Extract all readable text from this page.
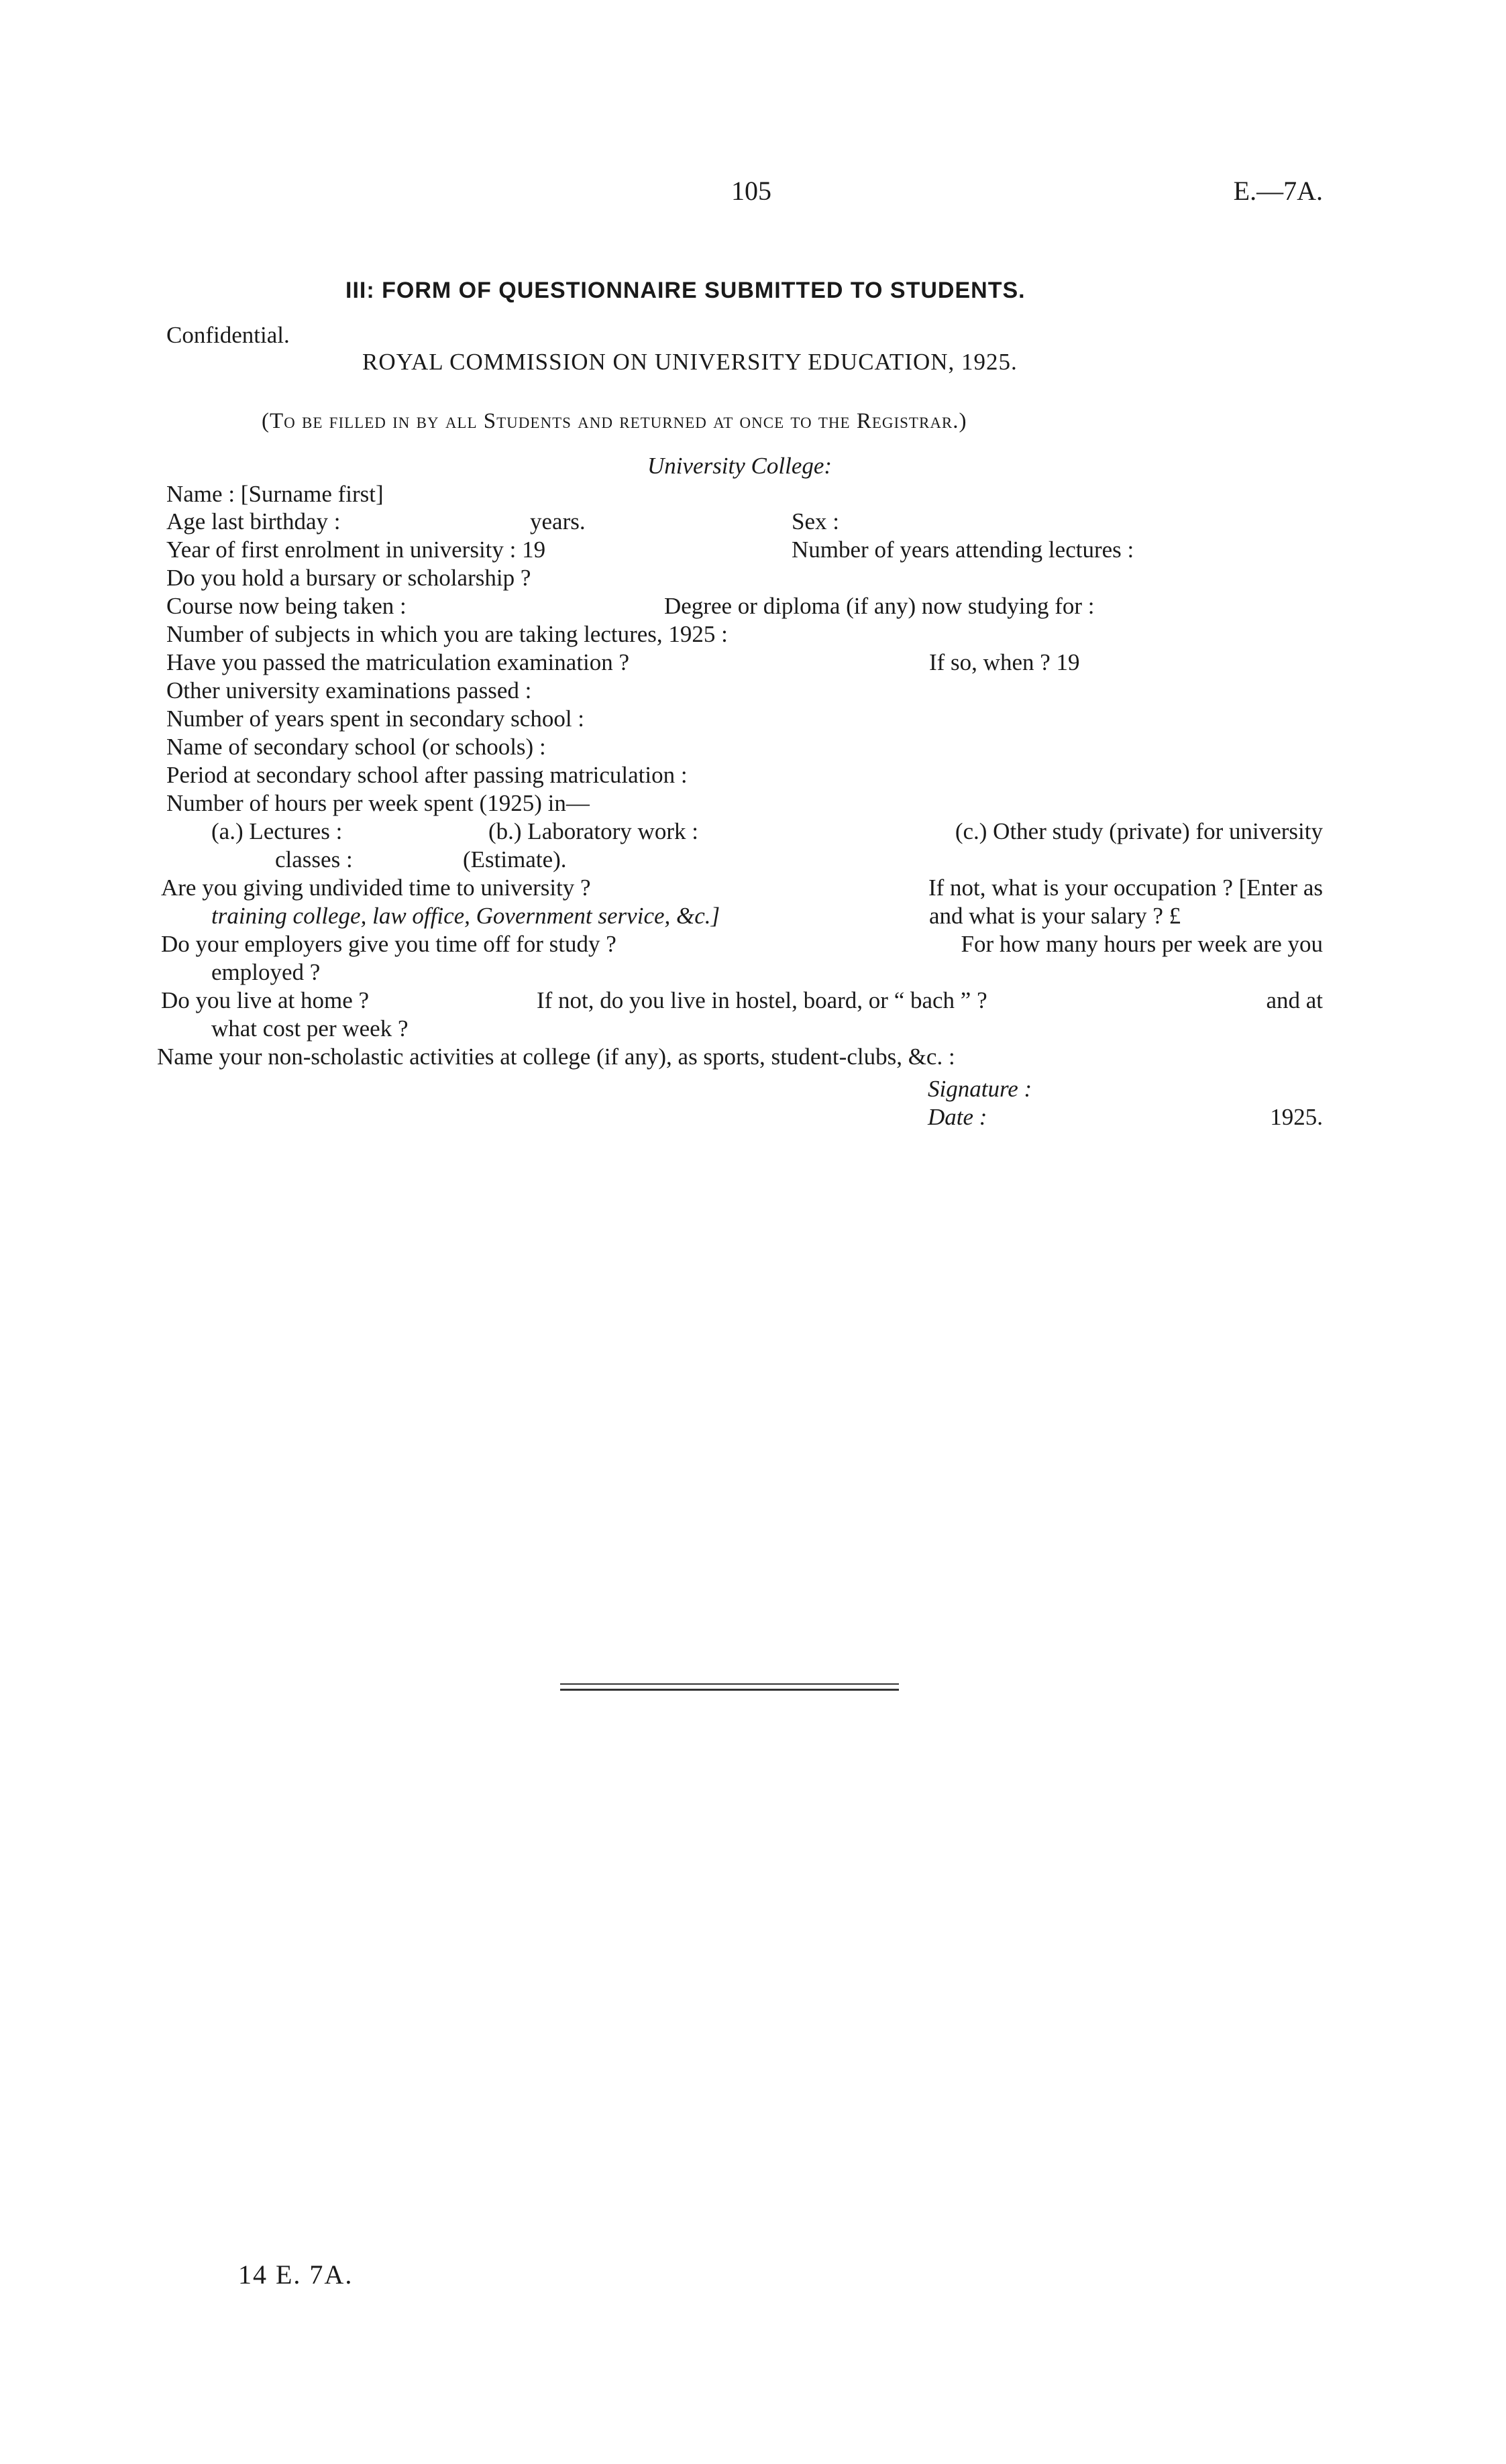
105	E.—7A.
III: FORM OF QUESTIONNAIRE SUBMITTED TO STUDENTS.
Confidential.
ROYAL COMMISSION ON UNIVERSITY EDUCATION, 1925.
(To be filled in by all Students and returned at once to the Registrar.)
University College:
Name : [Surname first]
Age last birthday :	years.	Sex :
Year of first enrolment in university : 19	Number of years attending lectures :
Do you hold a bursary or scholarship ?
Course now being taken :	Degree or diploma (if any) now studying for :
Number of subjects in which you are taking lectures, 1925 :
Have you passed the matriculation examination ?	If so, when ? 19
Other university examinations passed :
Number of years spent in secondary school :
Name of secondary school (or schools) :
Period at secondary school after passing matriculation :
Number of hours per week spent (1925) in—
(a.) Lectures :	(b.) Laboratory work :	(c.) Other study (private) for university
classes :	(Estimate).
Are you giving undivided time to university ?	If not, what is your occupation ? [Enter as
training college, law office, Government service, &c.]	and what is your salary ? £
Do your employers give you time off for study ?	For how many hours per week are you
employed ?
Do you live at home ?	If not, do you live in hostel, board, or “ bach ” ?	and at
what cost per week ?
Name your non-scholastic activities at college (if any), as sports, student-clubs, &c. :
Signature :
Date :	1925.
14 E. 7A.
